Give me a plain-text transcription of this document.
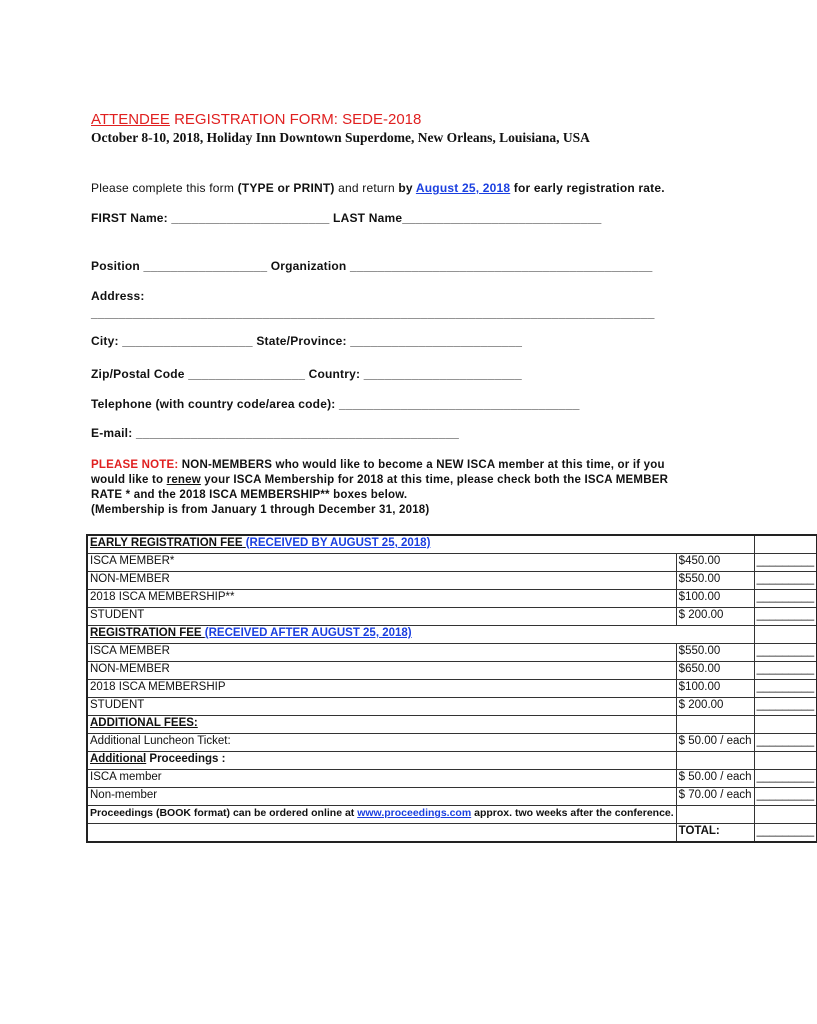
ATTENDEE REGISTRATION FORM: SEDE-2018
October 8-10, 2018, Holiday Inn Downtown Superdome, New Orleans, Louisiana, USA
Please complete this form (TYPE or PRINT) and return by August 25, 2018 for early registration rate.
FIRST Name: _______________________ LAST Name_____________________________
Position __________________ Organization ____________________________________________
Address:
__________________________________________________________________________________
City: ___________________ State/Province: _________________________
Zip/Postal Code _________________ Country: _______________________
Telephone (with country code/area code): ___________________________________
E-mail: _______________________________________________
PLEASE NOTE: NON-MEMBERS who would like to become a NEW ISCA member at this time, or if you would like to renew your ISCA Membership for 2018 at this time, please check both the ISCA MEMBER RATE * and the 2018 ISCA MEMBERSHIP** boxes below.
(Membership is from January 1 through December 31, 2018)
EARLY REGISTRATION FEE (RECEIVED BY AUGUST 25, 2018)		
ISCA MEMBER*	$450.00	_________
NON-MEMBER	$550.00	_________
2018 ISCA MEMBERSHIP**	$100.00	_________
STUDENT	$ 200.00	_________
REGISTRATION FEE (RECEIVED AFTER AUGUST 25, 2018)		
ISCA MEMBER	$550.00	_________
NON-MEMBER	$650.00	_________
2018 ISCA MEMBERSHIP	$100.00	_________
STUDENT	$ 200.00	_________
ADDITIONAL FEES:		
Additional Luncheon Ticket:	$ 50.00 / each	_________
Additional Proceedings :		
ISCA member	$ 50.00 / each	_________
Non-member	$ 70.00 / each	_________
Proceedings (BOOK format) can be ordered online at www.proceedings.com approx. two weeks after the conference.		
	TOTAL:	_________
